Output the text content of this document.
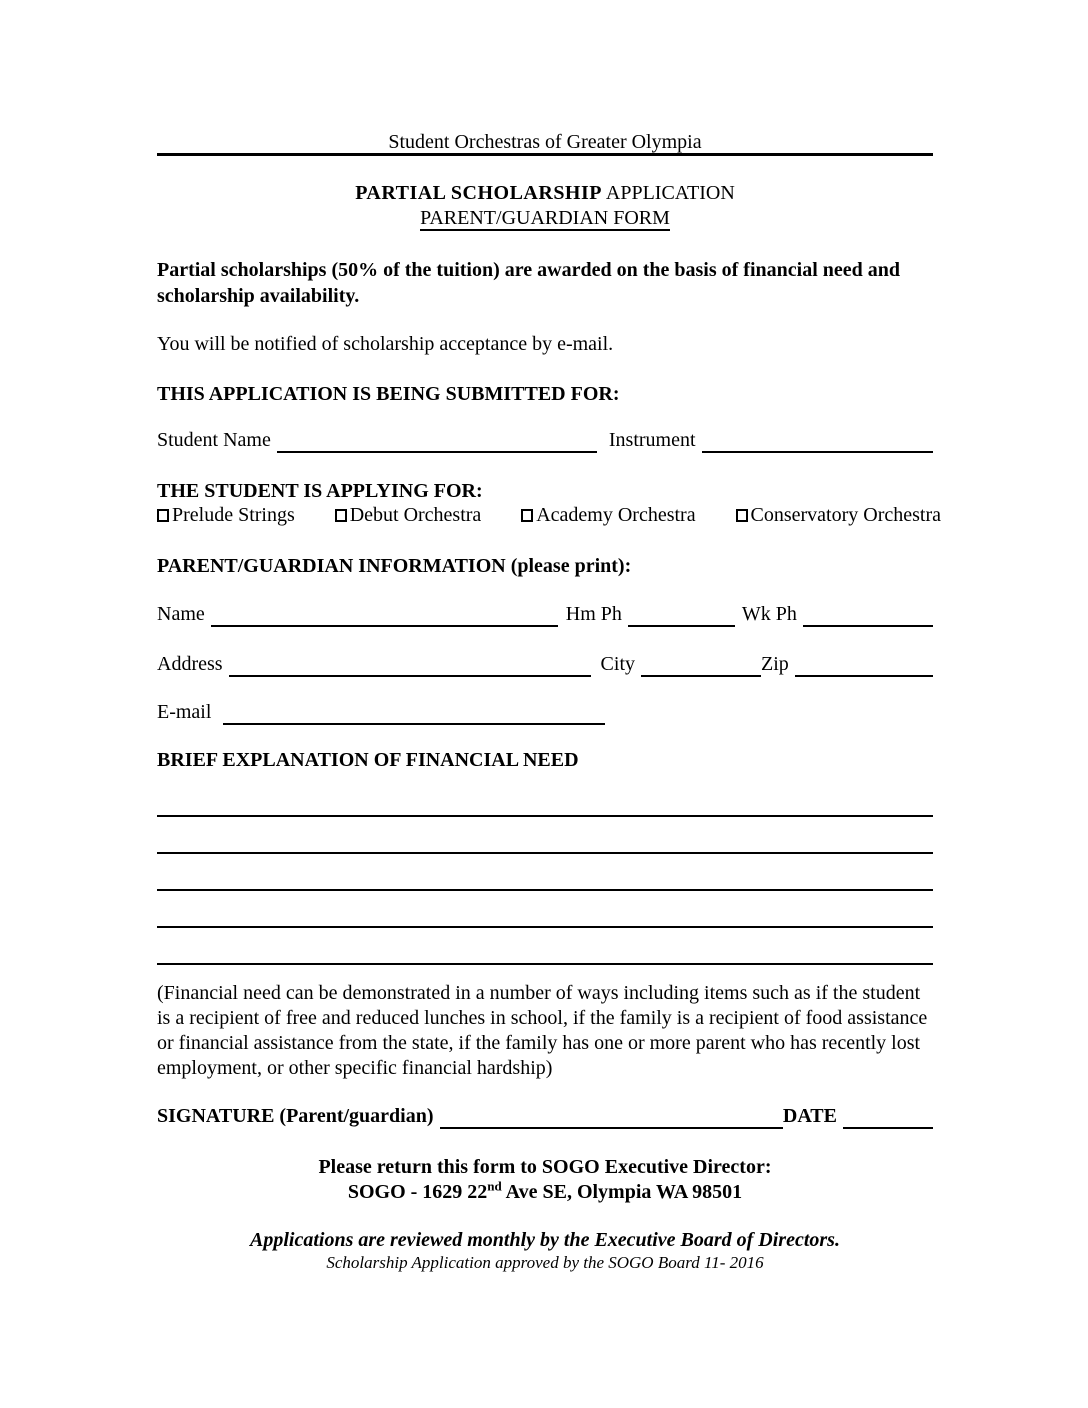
Student Orchestras of Greater Olympia
PARTIAL SCHOLARSHIP APPLICATION
PARENT/GUARDIAN FORM

Partial scholarships (50% of the tuition) are awarded on the basis of financial need and scholarship availability.

You will be notified of scholarship acceptance by e-mail.

THIS APPLICATION IS BEING SUBMITTED FOR:
Student Name	Instrument
THE STUDENT IS APPLYING FOR:
Prelude Strings	Debut Orchestra	Academy Orchestra	Conservatory Orchestra
PARENT/GUARDIAN INFORMATION (please print):
Name	Hm Ph	Wk Ph
Address	City	Zip
E-mail
BRIEF EXPLANATION OF FINANCIAL NEED

(Financial need can be demonstrated in a number of ways including items such as if the student is a recipient of free and reduced lunches in school, if the family is a recipient of food assistance or financial assistance from the state, if the family has one or more parent who has recently lost employment, or other specific financial hardship)

SIGNATURE (Parent/guardian)	DATE
Please return this form to SOGO Executive Director:
SOGO - 1629 22nd Ave SE, Olympia WA 98501
Applications are reviewed monthly by the Executive Board of Directors.
Scholarship Application approved by the SOGO Board 11- 2016
